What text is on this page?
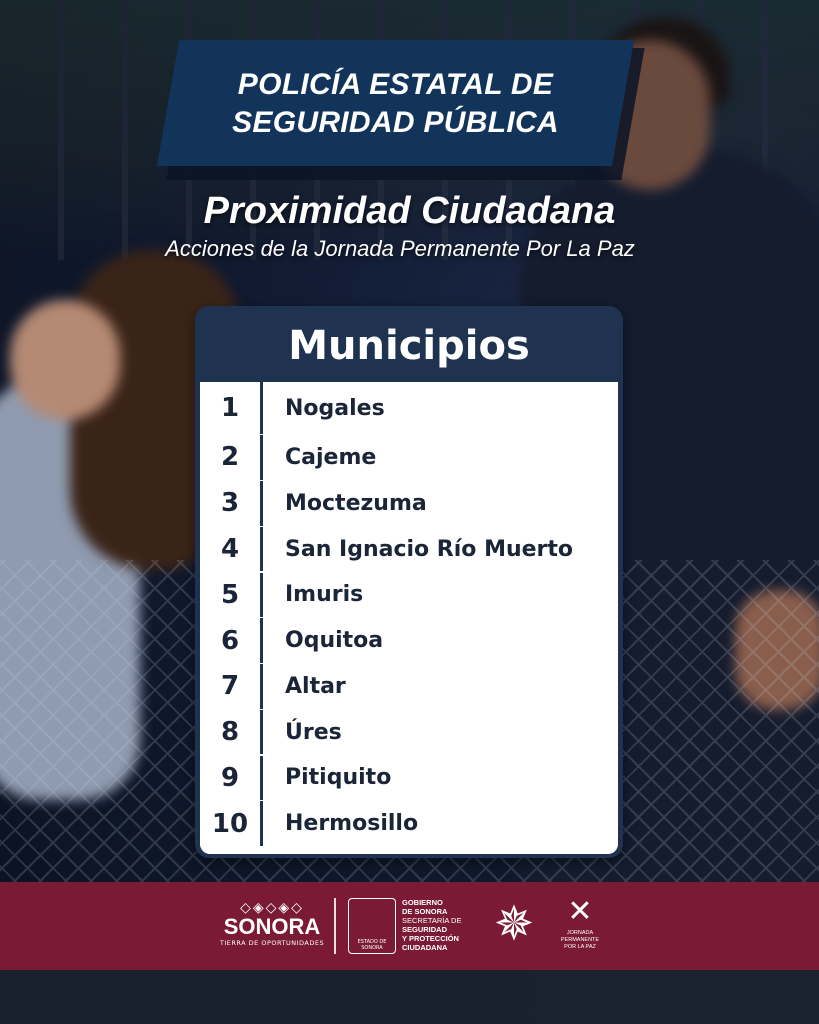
POLICÍA ESTATAL DE
SEGURIDAD PÚBLICA
Proximidad Ciudadana
Acciones de la Jornada Permanente Por La Paz
Municipios
1	Nogales
2	Cajeme
3	Moctezuma
4	San Ignacio Río Muerto
5	Imuris
6	Oquitoa
7	Altar
8	Úres
9	Pitiquito
10	Hermosillo
◇◈◇◈◇
SONORA
TIERRA DE OPORTUNIDADES	ESTADO DE SONORA
GOBIERNO
DE SONORA
SECRETARÍA DE
SEGURIDAD
Y PROTECCIÓN
CIUDADANA ✵	✕
JORNADA PERMANENTE
POR LA PAZ
